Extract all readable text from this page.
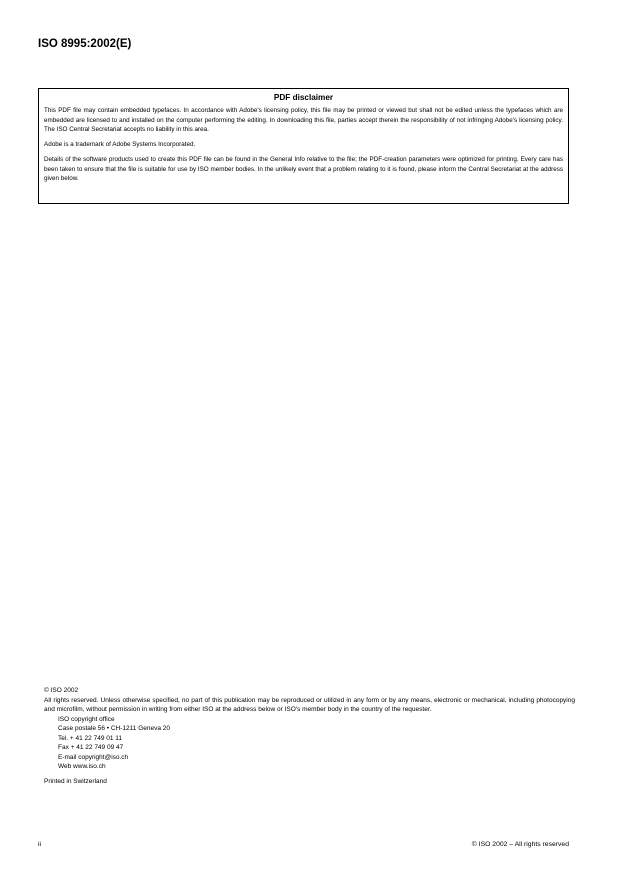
ISO 8995:2002(E)
PDF disclaimer

This PDF file may contain embedded typefaces. In accordance with Adobe's licensing policy, this file may be printed or viewed but shall not be edited unless the typefaces which are embedded are licensed to and installed on the computer performing the editing. In downloading this file, parties accept therein the responsibility of not infringing Adobe's licensing policy. The ISO Central Secretariat accepts no liability in this area.

Adobe is a trademark of Adobe Systems Incorporated.

Details of the software products used to create this PDF file can be found in the General Info relative to the file; the PDF-creation parameters were optimized for printing. Every care has been taken to ensure that the file is suitable for use by ISO member bodies. In the unlikely event that a problem relating to it is found, please inform the Central Secretariat at the address given below.

© ISO 2002

All rights reserved. Unless otherwise specified, no part of this publication may be reproduced or utilized in any form or by any means, electronic or mechanical, including photocopying and microfilm, without permission in writing from either ISO at the address below or ISO's member body in the country of the requester.

ISO copyright office

Case postale 56 • CH-1211 Geneva 20

Tel. + 41 22 749 01 11

Fax + 41 22 749 09 47

E-mail copyright@iso.ch

Web www.iso.ch

Printed in Switzerland

ii	© ISO 2002 – All rights reserved
